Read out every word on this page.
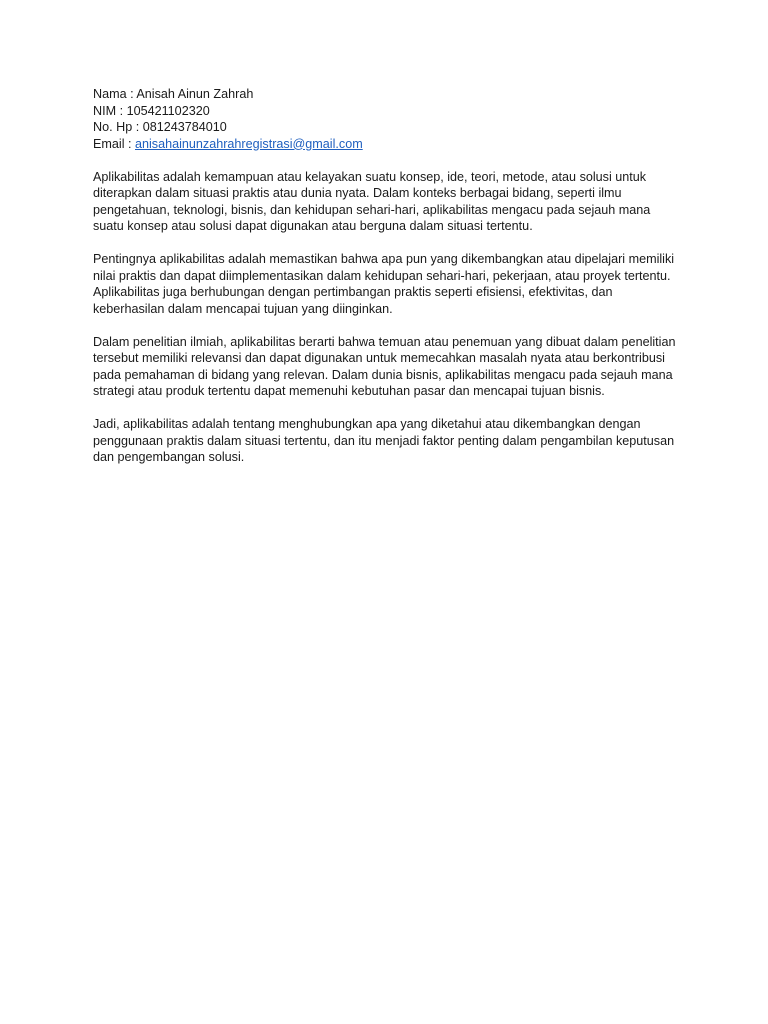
Nama : Anisah Ainun Zahrah
NIM : 105421102320
No. Hp : 081243784010
Email : anisahainunzahrahregistrasi@gmail.com

Aplikabilitas adalah kemampuan atau kelayakan suatu konsep, ide, teori, metode, atau solusi untuk diterapkan dalam situasi praktis atau dunia nyata. Dalam konteks berbagai bidang, seperti ilmu pengetahuan, teknologi, bisnis, dan kehidupan sehari-hari, aplikabilitas mengacu pada sejauh mana suatu konsep atau solusi dapat digunakan atau berguna dalam situasi tertentu.

Pentingnya aplikabilitas adalah memastikan bahwa apa pun yang dikembangkan atau dipelajari memiliki nilai praktis dan dapat diimplementasikan dalam kehidupan sehari-hari, pekerjaan, atau proyek tertentu. Aplikabilitas juga berhubungan dengan pertimbangan praktis seperti efisiensi, efektivitas, dan keberhasilan dalam mencapai tujuan yang diinginkan.

Dalam penelitian ilmiah, aplikabilitas berarti bahwa temuan atau penemuan yang dibuat dalam penelitian tersebut memiliki relevansi dan dapat digunakan untuk memecahkan masalah nyata atau berkontribusi pada pemahaman di bidang yang relevan. Dalam dunia bisnis, aplikabilitas mengacu pada sejauh mana strategi atau produk tertentu dapat memenuhi kebutuhan pasar dan mencapai tujuan bisnis.

Jadi, aplikabilitas adalah tentang menghubungkan apa yang diketahui atau dikembangkan dengan penggunaan praktis dalam situasi tertentu, dan itu menjadi faktor penting dalam pengambilan keputusan dan pengembangan solusi.
